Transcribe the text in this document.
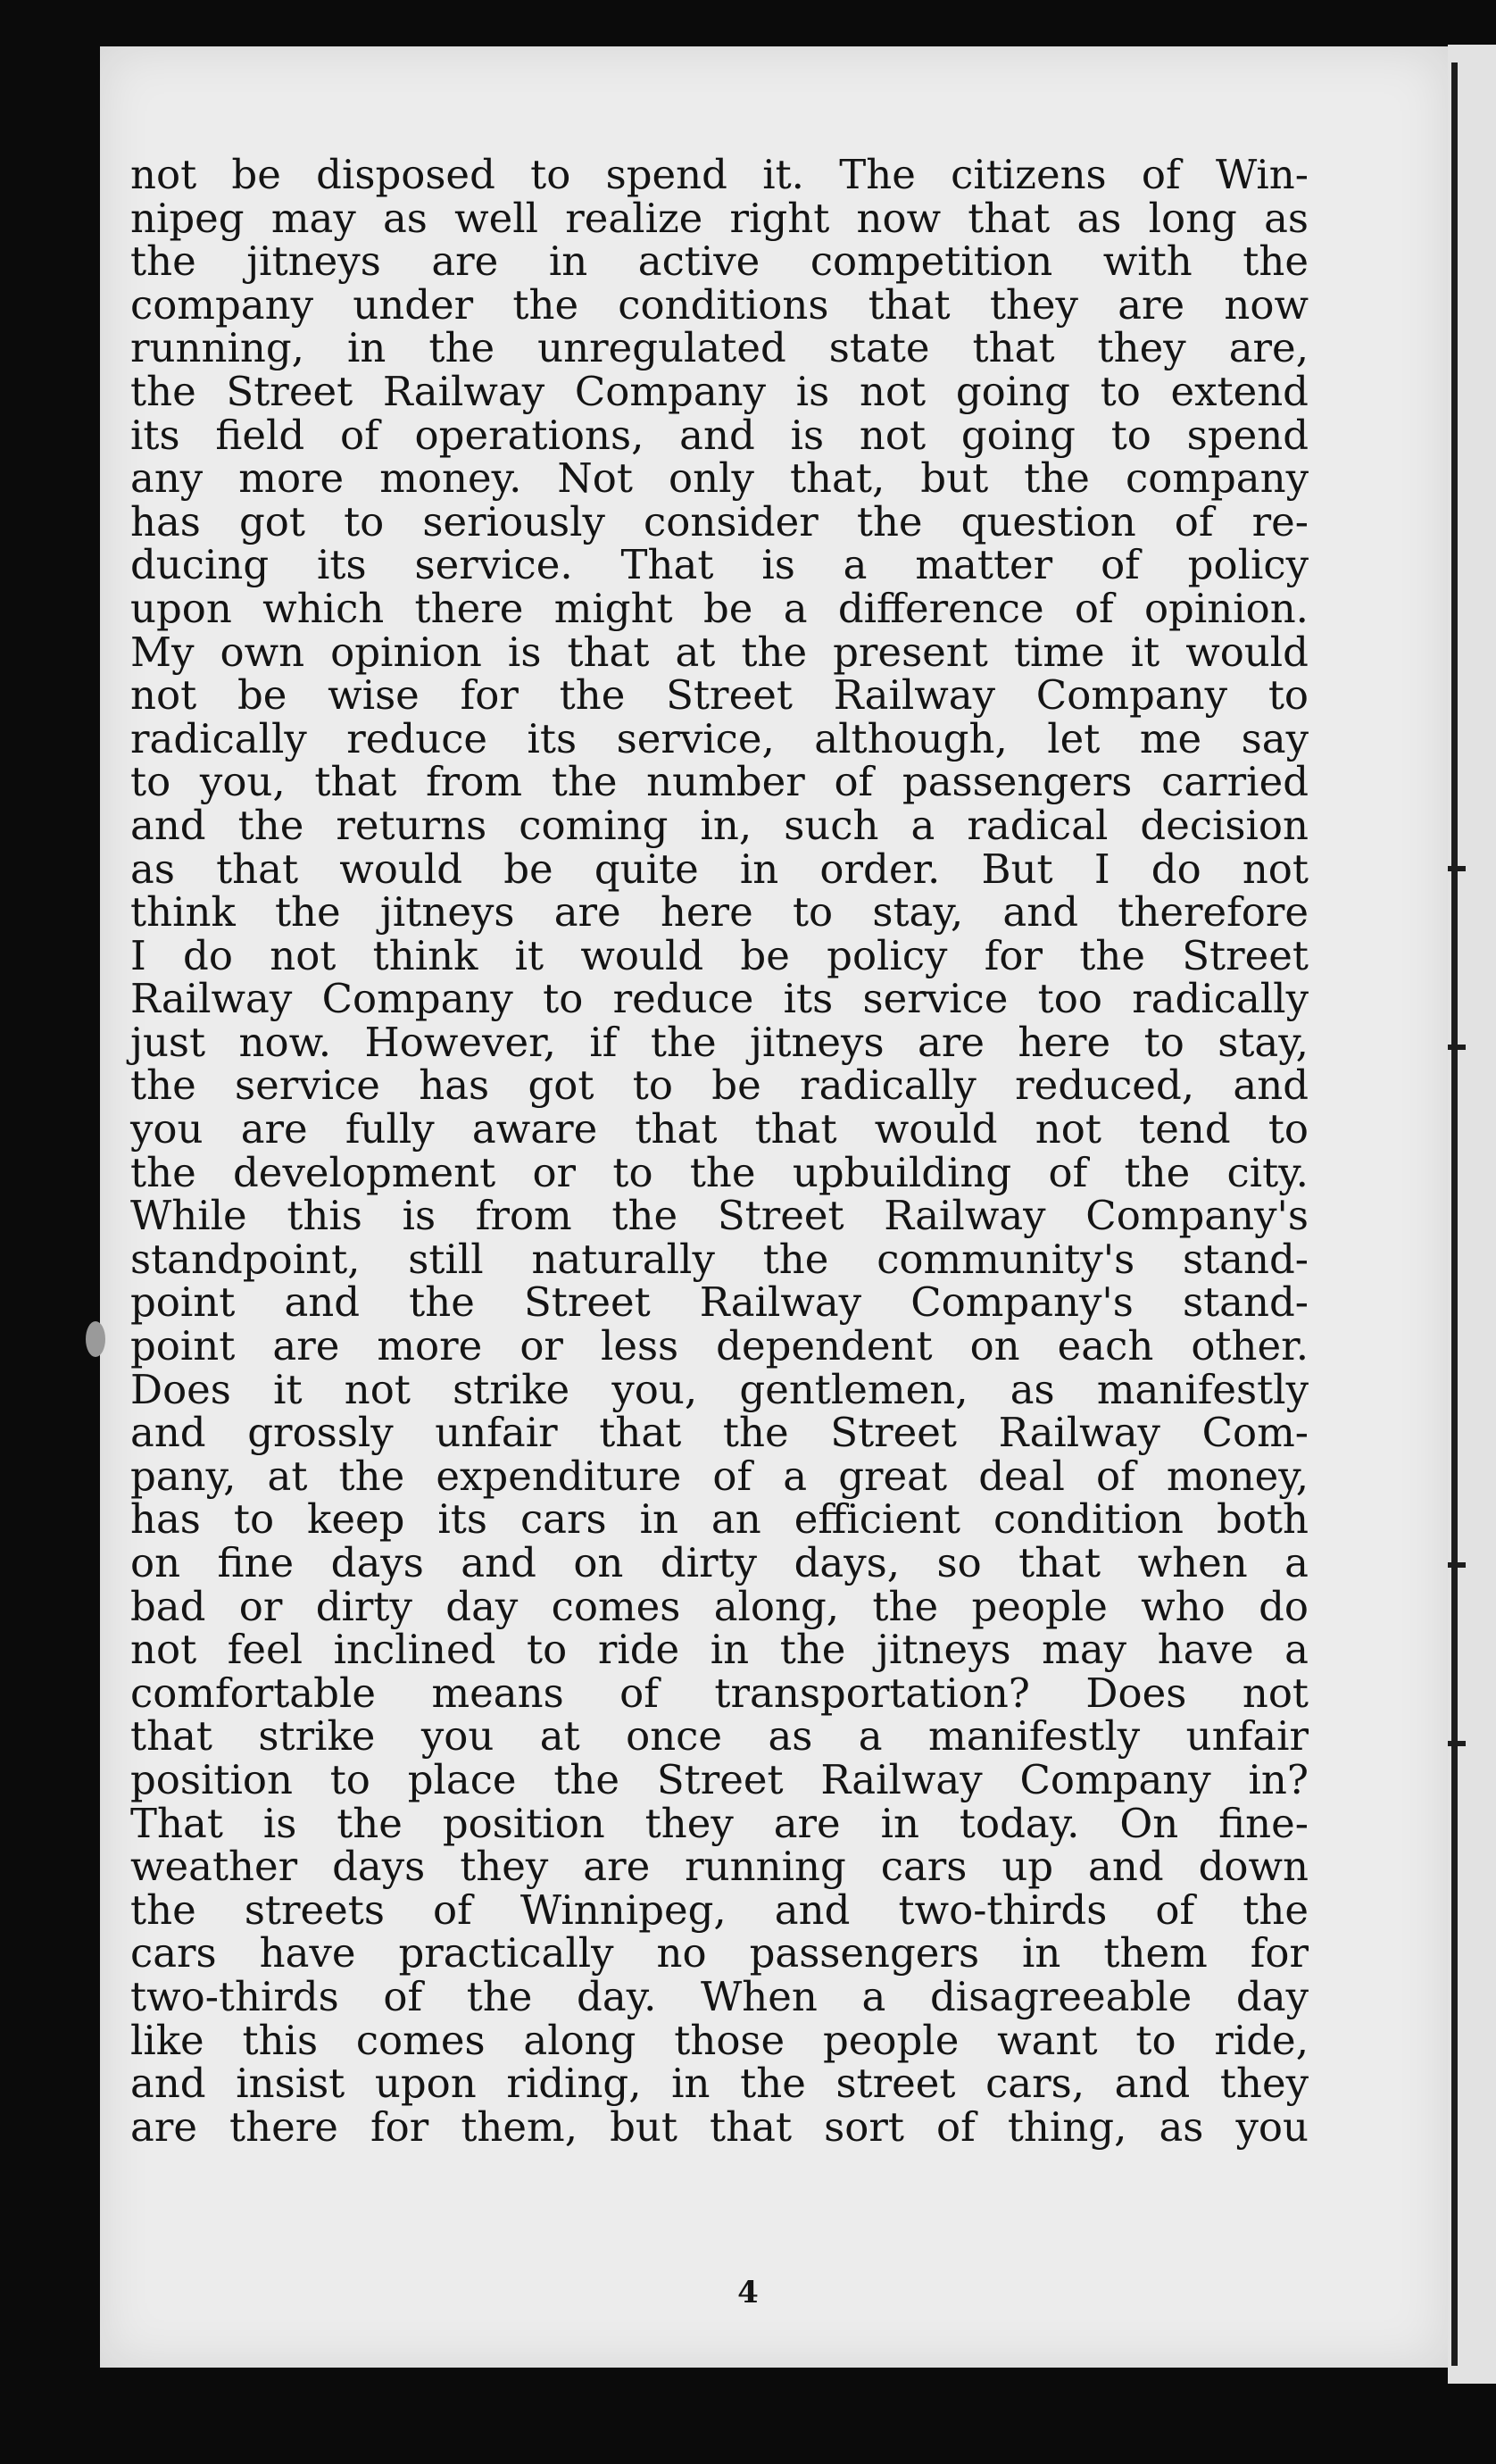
not be disposed to spend it. The citizens of Win-
nipeg may as well realize right now that as long as
the jitneys are in active competition with the
company under the conditions that they are now
running, in the unregulated state that they are,
the Street Railway Company is not going to extend
its field of operations, and is not going to spend
any more money. Not only that, but the company
has got to seriously consider the question of re-
ducing its service. That is a matter of policy
upon which there might be a difference of opinion.
My own opinion is that at the present time it would
not be wise for the Street Railway Company to
radically reduce its service, although, let me say
to you, that from the number of passengers carried
and the returns coming in, such a radical decision
as that would be quite in order. But I do not
think the jitneys are here to stay, and therefore
I do not think it would be policy for the Street
Railway Company to reduce its service too radically
just now. However, if the jitneys are here to stay,
the service has got to be radically reduced, and
you are fully aware that that would not tend to
the development or to the upbuilding of the city.
While this is from the Street Railway Company's
standpoint, still naturally the community's stand-
point and the Street Railway Company's stand-
point are more or less dependent on each other.
Does it not strike you, gentlemen, as manifestly
and grossly unfair that the Street Railway Com-
pany, at the expenditure of a great deal of money,
has to keep its cars in an efficient condition both
on fine days and on dirty days, so that when a
bad or dirty day comes along, the people who do
not feel inclined to ride in the jitneys may have a
comfortable means of transportation? Does not
that strike you at once as a manifestly unfair
position to place the Street Railway Company in?
That is the position they are in today. On fine-
weather days they are running cars up and down
the streets of Winnipeg, and two-thirds of the
cars have practically no passengers in them for
two-thirds of the day. When a disagreeable day
like this comes along those people want to ride,
and insist upon riding, in the street cars, and they
are there for them, but that sort of thing, as you
4
